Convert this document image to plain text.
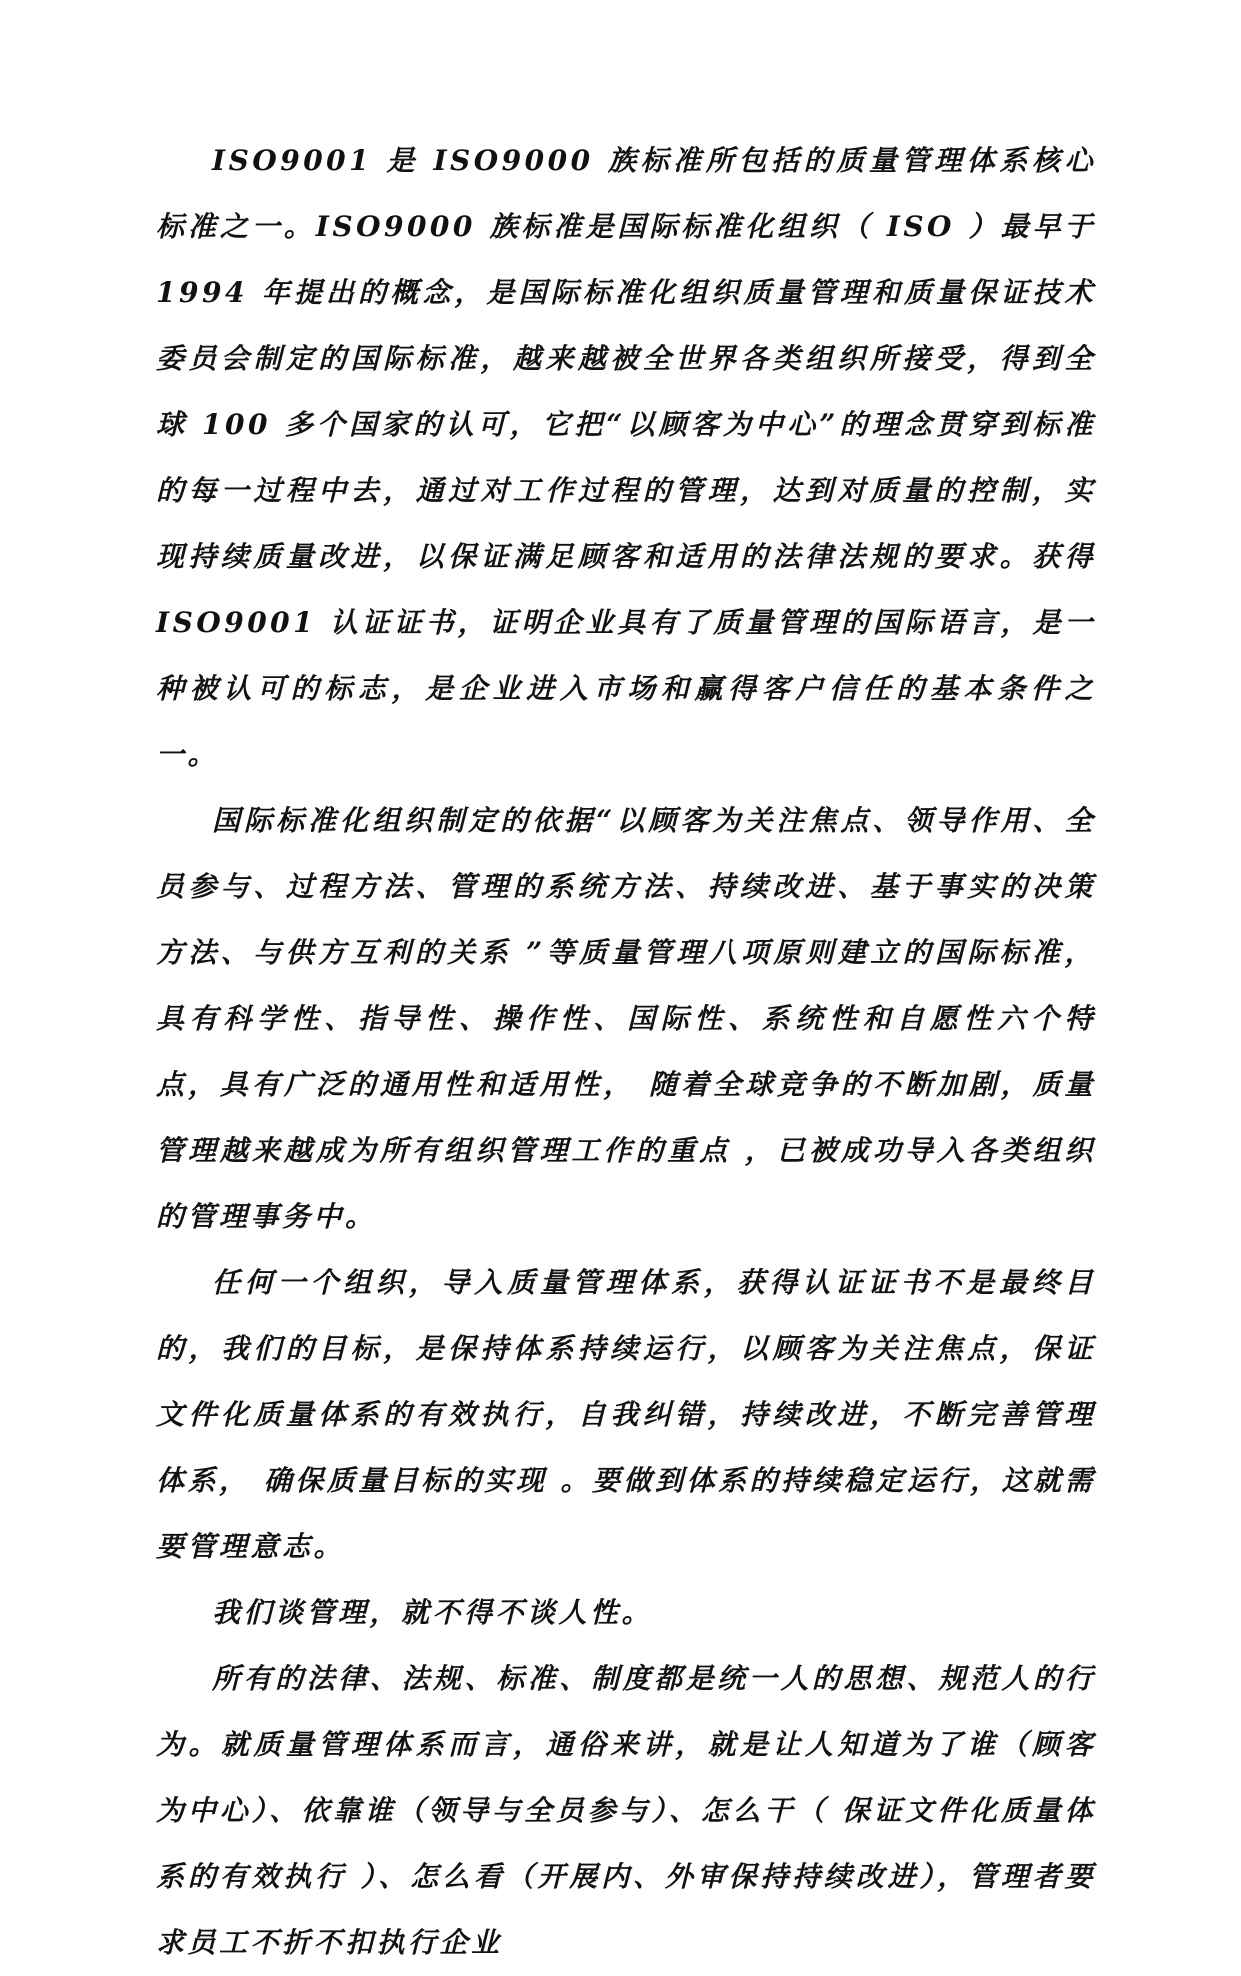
ISO9001 是 ISO9000 族标准所包括的质量管理体系核心标准之一。ISO9000 族标准是国际标准化组织（ ISO ）最早于 1994 年提出的概念，是国际标准化组织质量管理和质量保证技术委员会制定的国际标准，越来越被全世界各类组织所接受，得到全球 100 多个国家的认可，它把“以顾客为中心”的理念贯穿到标准的每一过程中去，通过对工作过程的管理，达到对质量的控制，实现持续质量改进，以保证满足顾客和适用的法律法规的要求。获得 ISO9001 认证证书，证明企业具有了质量管理的国际语言，是一种被认可的标志，是企业进入市场和赢得客户信任的基本条件之一。

国际标准化组织制定的依据“以顾客为关注焦点、领导作用、全员参与、过程方法、管理的系统方法、持续改进、基于事实的决策方法、与供方互利的关系 ”等质量管理八项原则建立的国际标准，具有科学性、指导性、操作性、国际性、系统性和自愿性六个特点，具有广泛的通用性和适用性， 随着全球竞争的不断加剧，质量管理越来越成为所有组织管理工作的重点 ，已被成功导入各类组织的管理事务中。

任何一个组织，导入质量管理体系，获得认证证书不是最终目的，我们的目标，是保持体系持续运行，以顾客为关注焦点，保证文件化质量体系的有效执行，自我纠错，持续改进，不断完善管理体系， 确保质量目标的实现 。要做到体系的持续稳定运行，这就需要管理意志。

我们谈管理，就不得不谈人性。

所有的法律、法规、标准、制度都是统一人的思想、规范人的行为。就质量管理体系而言，通俗来讲，就是让人知道为了谁（顾客为中心）、依靠谁（领导与全员参与）、怎么干（ 保证文件化质量体系的有效执行 ）、怎么看（开展内、外审保持持续改进），管理者要求员工不折不扣执行企业
